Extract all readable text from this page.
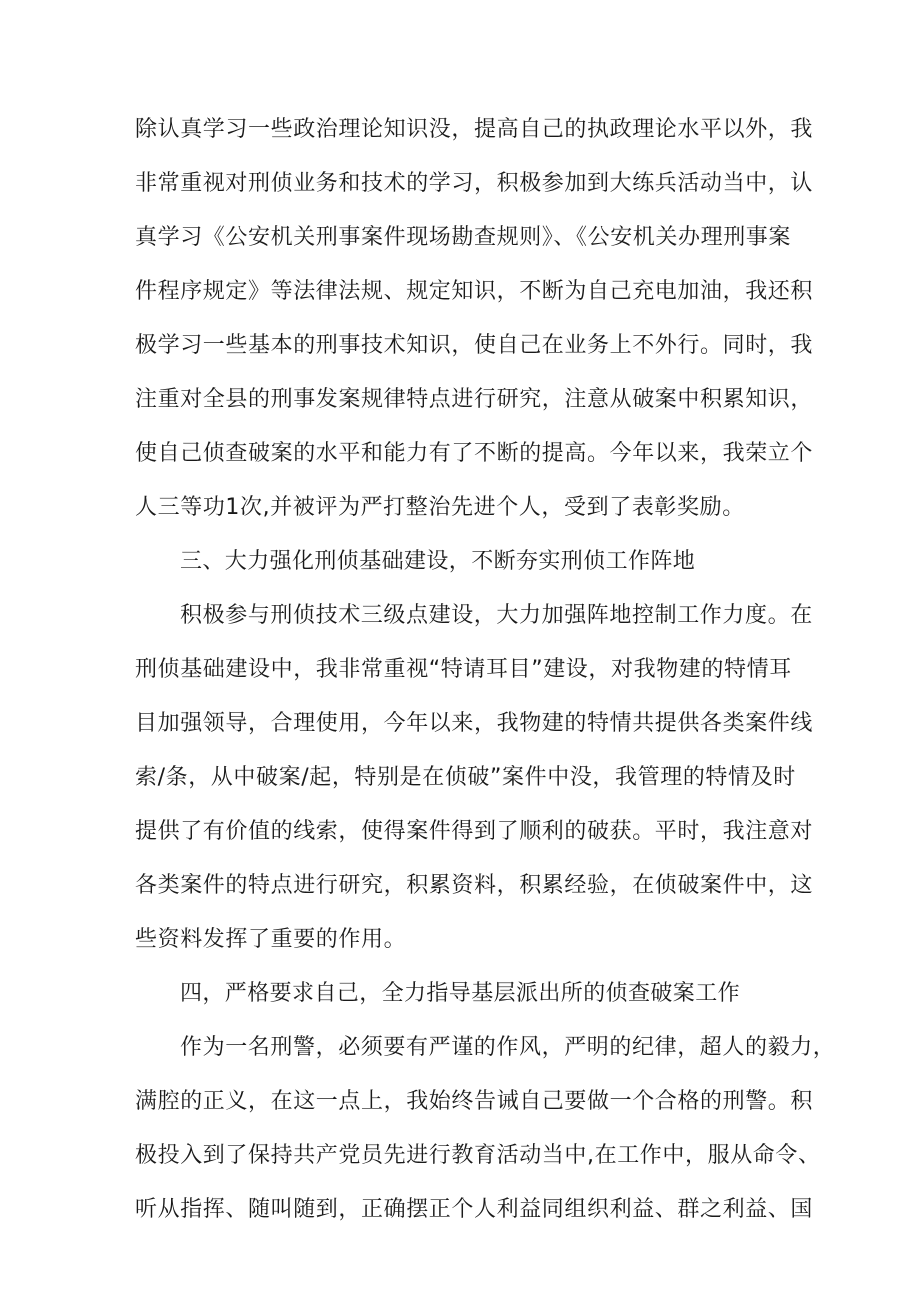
除认真学习一些政治理论知识没，提高自己的执政理论水平以外，我
非常重视对刑侦业务和技术的学习，积极参加到大练兵活动当中，认
真学习《公安机关刑事案件现场勘查规则》、《公安机关办理刑事案
件程序规定》等法律法规、规定知识，不断为自己充电加油，我还积
极学习一些基本的刑事技术知识，使自己在业务上不外行。同时，我
注重对全县的刑事发案规律特点进行研究，注意从破案中积累知识，
使自己侦查破案的水平和能力有了不断的提高。今年以来，我荣立个
人三等功1次,并被评为严打整治先进个人，受到了表彰奖励。
三、大力强化刑侦基础建设，不断夯实刑侦工作阵地
积极参与刑侦技术三级点建设，大力加强阵地控制工作力度。在
刑侦基础建设中，我非常重视“特请耳目”建设，对我物建的特情耳
目加强领导，合理使用，今年以来，我物建的特情共提供各类案件线
索/条，从中破案/起，特别是在侦破”案件中没，我管理的特情及时
提供了有价值的线索，使得案件得到了顺利的破获。平时，我注意对
各类案件的特点进行研究，积累资料，积累经验，在侦破案件中，这
些资料发挥了重要的作用。
四，严格要求自己，全力指导基层派出所的侦查破案工作
作为一名刑警，必须要有严谨的作风，严明的纪律，超人的毅力，
满腔的正义，在这一点上，我始终告诫自己要做一个合格的刑警。积
极投入到了保持共产党员先进行教育活动当中,在工作中，服从命令、
听从指挥、随叫随到，正确摆正个人利益同组织利益、群之利益、国
